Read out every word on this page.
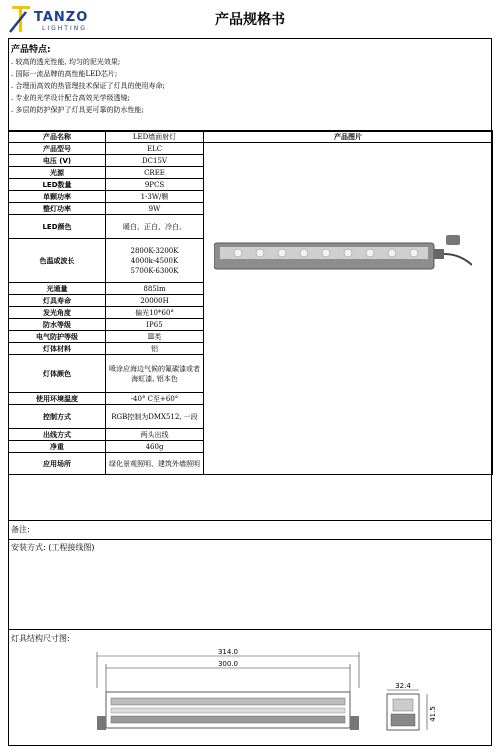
TANZO
LIGHTING
产品规格书
产品特点:
. 较高的透光性能, 均匀的泥光效果;
. 国际一流品牌的高性能LED芯片;
. 合理而高效的热管理技术保证了灯具的使用寿命;
. 专业的光学设计配合高效光学级透镜;
. 多层的防护保护了灯具更可靠的防水性能;
产品名称	LED墙面射灯	产品图片
产品型号	ELC	

电压 (V)	DC15V	
光源	CREE	
LED数量	9PCS	
单颗功率	1-3W/颗	
整灯功率	9W	
LED颜色	暖白、正白、冷白、	
色温或波长	2800K-3200K
4000k-4500K
5700K-6300K	
光通量	885lm	
灯具寿命	20000H	
发光角度	偏光10*60°	
防水等级	IP65	
电气防护等级	Ⅲ类	
灯体材料	铝	
灯体颜色	喷涂应海边气候的氟碳漆或者海虹漆, 铝本色	
使用环境温度	-40° C至+60°	
控制方式	RGB控制为DMX512, 一段	
出线方式	两头出线	
净重	460g	
应用场所	绿化景观照明、建筑外墙照明	
备注:
安装方式: (工程接线图)
灯具结构尺寸图:
314.0
300.0
32.4
41.5
